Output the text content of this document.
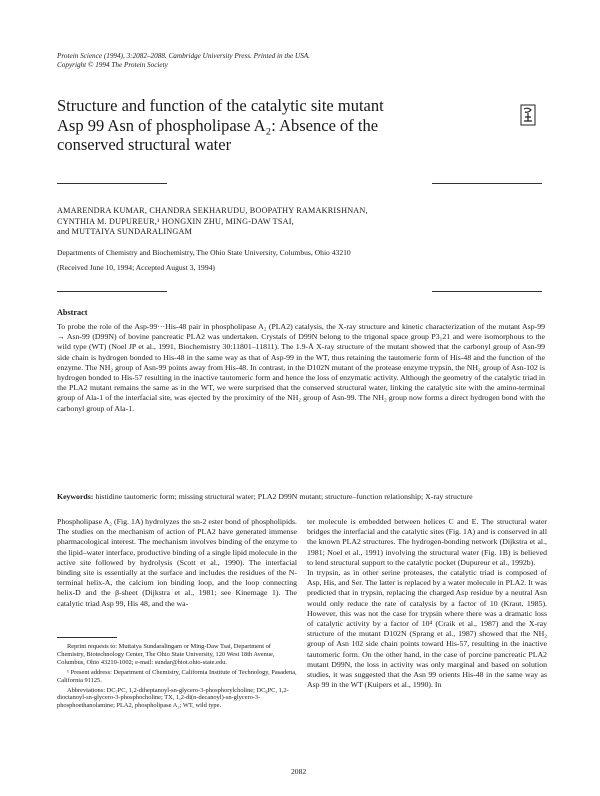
Protein Science (1994), 3:2082–2088. Cambridge University Press. Printed in the USA.
Copyright © 1994 The Protein Society
Structure and function of the catalytic site mutant
Asp 99 Asn of phospholipase A₂: Absence of the
conserved structural water
AMARENDRA KUMAR, CHANDRA SEKHARUDU, BOOPATHY RAMAKRISHNAN,
CYNTHIA M. DUPUREUR,¹ HONGXIN ZHU, MING-DAW TSAI,
and MUTTAIYA SUNDARALINGAM
Departments of Chemistry and Biochemistry, The Ohio State University, Columbus, Ohio 43210
(Received June 10, 1994; Accepted August 3, 1994)
Abstract
To probe the role of the Asp-99···His-48 pair in phospholipase A₂ (PLA2) catalysis, the X-ray structure and kinetic characterization of the mutant Asp-99 → Asn-99 (D99N) of bovine pancreatic PLA2 was undertaken. Crystals of D99N belong to the trigonal space group P3₁21 and were isomorphous to the wild type (WT) (Noel JP et al., 1991, Biochemistry 30:11801–11811). The 1.9-Å X-ray structure of the mutant showed that the carbonyl group of Asn-99 side chain is hydrogen bonded to His-48 in the same way as that of Asp-99 in the WT, thus retaining the tautomeric form of His-48 and the function of the enzyme. The NH₂ group of Asn-99 points away from His-48. In contrast, in the D102N mutant of the protease enzyme trypsin, the NH₂ group of Asn-102 is hydrogen bonded to His-57 resulting in the inactive tautomeric form and hence the loss of enzymatic activity. Although the geometry of the catalytic triad in the PLA2 mutant remains the same as in the WT, we were surprised that the conserved structural water, linking the catalytic site with the amino-terminal group of Ala-1 of the interfacial site, was ejected by the proximity of the NH₂ group of Asn-99. The NH₂ group now forms a direct hydrogen bond with the carbonyl group of Ala-1.
Keywords: histidine tautomeric form; missing structural water; PLA2 D99N mutant; structure–function relationship; X-ray structure
Phospholipase A₂ (Fig. 1A) hydrolyzes the sn-2 ester bond of phospholipids. The studies on the mechanism of action of PLA2 have generated immense pharmacological interest. The mechanism involves binding of the enzyme to the lipid–water interface, productive binding of a single lipid molecule in the active site followed by hydrolysis (Scott et al., 1990). The interfacial binding site is essentially at the surface and includes the residues of the N-terminal helix-A, the calcium ion binding loop, and the loop connecting helix-D and the β-sheet (Dijkstra et al., 1981; see Kinemage 1). The catalytic triad Asp 99, His 48, and the wa-
ter molecule is embedded between helices C and E. The structural water bridges the interfacial and the catalytic sites (Fig. 1A) and is conserved in all the known PLA2 structures. The hydrogen-bonding network (Dijkstra et al., 1981; Noel et al., 1991) involving the structural water (Fig. 1B) is believed to lend structural support to the catalytic pocket (Dupureur et al., 1992b).
In trypsin, as in other serine proteases, the catalytic triad is composed of Asp, His, and Ser. The latter is replaced by a water molecule in PLA2. It was predicted that in trypsin, replacing the charged Asp residue by a neutral Asn would only reduce the rate of catalysis by a factor of 10 (Kraut, 1985). However, this was not the case for trypsin where there was a dramatic loss of catalytic activity by a factor of 10⁴ (Craik et al., 1987) and the X-ray structure of the mutant D102N (Sprang et al., 1987) showed that the NH₂ group of Asn 102 side chain points toward His-57, resulting in the inactive tautomeric form. On the other hand, in the case of porcine pancreatic PLA2 mutant D99N, the loss in activity was only marginal and based on solution studies, it was suggested that the Asn 99 orients His-48 in the same way as Asp 99 in the WT (Kuipers et al., 1990). In

Reprint requests to: Muttaiya Sundaralingam or Ming-Daw Tsai, Department of Chemistry, Biotechnology Center, The Ohio State University, 120 West 18th Avenue, Columbus, Ohio 43210-1002; e-mail: sundar@biot.ohio-state.edu.

¹ Present address: Department of Chemistry, California Institute of Technology, Pasadena, California 91125.

Abbreviations: DC₇PC, 1,2-diheptanoyl-sn-glycero-3-phosphorylcholine; DC₈PC, 1,2-dioctanoyl-sn-glycero-3-phosphocholine; TX, 1,2-di(n-decanoyl)-sn-glycero-3-phosphoethanolamine; PLA2, phospholipase A₂; WT, wild type.

2082
